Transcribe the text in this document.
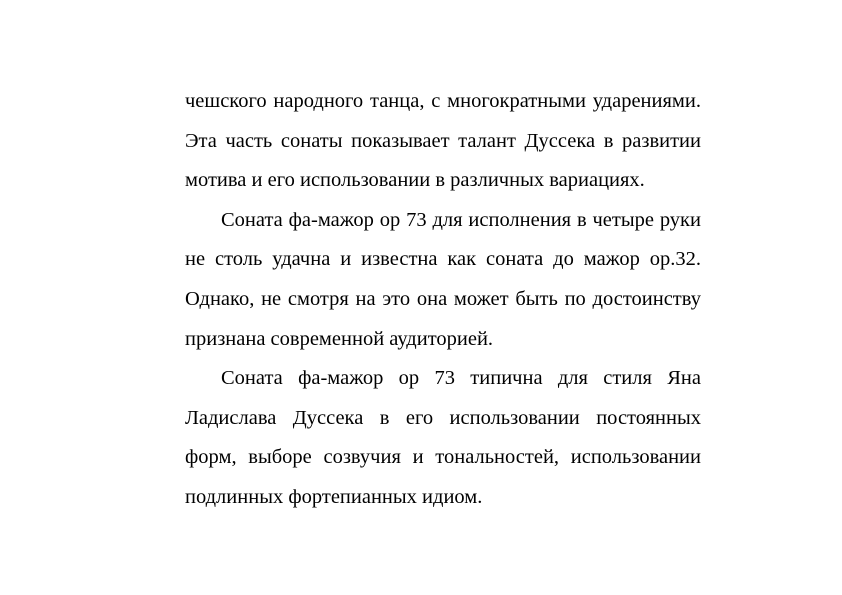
чешского народного танца, с многократными ударениями. Эта часть сонаты показывает талант Дуссека в развитии мотива и его использовании в различных вариациях.

Соната фа-мажор ор 73 для исполнения в четыре руки не столь удачна и известна как соната до мажор ор.32. Однако, не смотря на это она может быть по достоинству признана современной аудиторией.

Соната фа-мажор ор 73 типична для стиля Яна Ладислава Дуссека в его использовании постоянных форм, выборе созвучия и тональностей, использовании подлинных фортепианных идиом.
